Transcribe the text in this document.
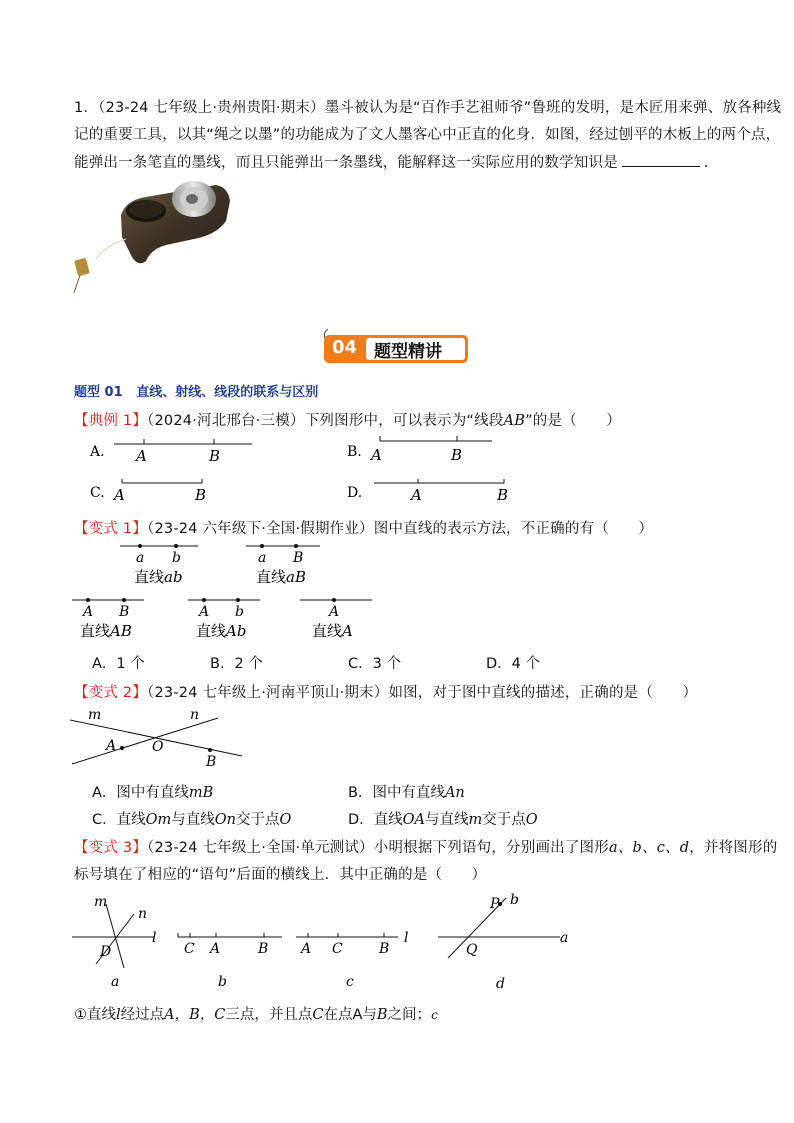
1．（23-24 七年级上·贵州贵阳·期末）墨斗被认为是“百作手艺祖师爷”鲁班的发明，是木匠用来弹、放各种线
记的重要工具，以其“绳之以墨”的功能成为了文人墨客心中正直的化身．如图，经过刨平的木板上的两个点，
能弹出一条笔直的墨线，而且只能弹出一条墨线，能解释这一实际应用的数学知识是	．
04 题型精讲
题型 01 直线、射线、线段的联系与区别
【典例 1】（2024·河北邢台·三模）下列图形中，可以表示为“线段AB”的是（　　）
A. A	B	B. A	B
C. A	B	D.	A	B
【变式 1】（23-24 六年级下·全国·假期作业）图中直线的表示方法，不正确的有（　　）
a b
直线ab
a B
直线aB
A B
直线AB
A b
直线Ab
A
直线A
A．1 个	B．2 个	C．3 个	D．4 个
【变式 2】（23-24 七年级上·河南平顶山·期末）如图，对于图中直线的描述，正确的是（　　）
m	n
A	O
B
A．图中有直线mB	B．图中有直线An
C．直线Om与直线On交于点O	D．直线OA与直线m交于点O
【变式 3】（23-24 七年级上·全国·单元测试）小明根据下列语句，分别画出了图形a、b、c、d，并将图形的
标号填在了相应的“语句”后面的横线上．其中正确的是（　　）
m
n
l
D
a
C A	B
b
A C	B
l
c
P b
Q
a
d
①直线l经过点A，B，C三点，并且点C在点A与B之间；c
